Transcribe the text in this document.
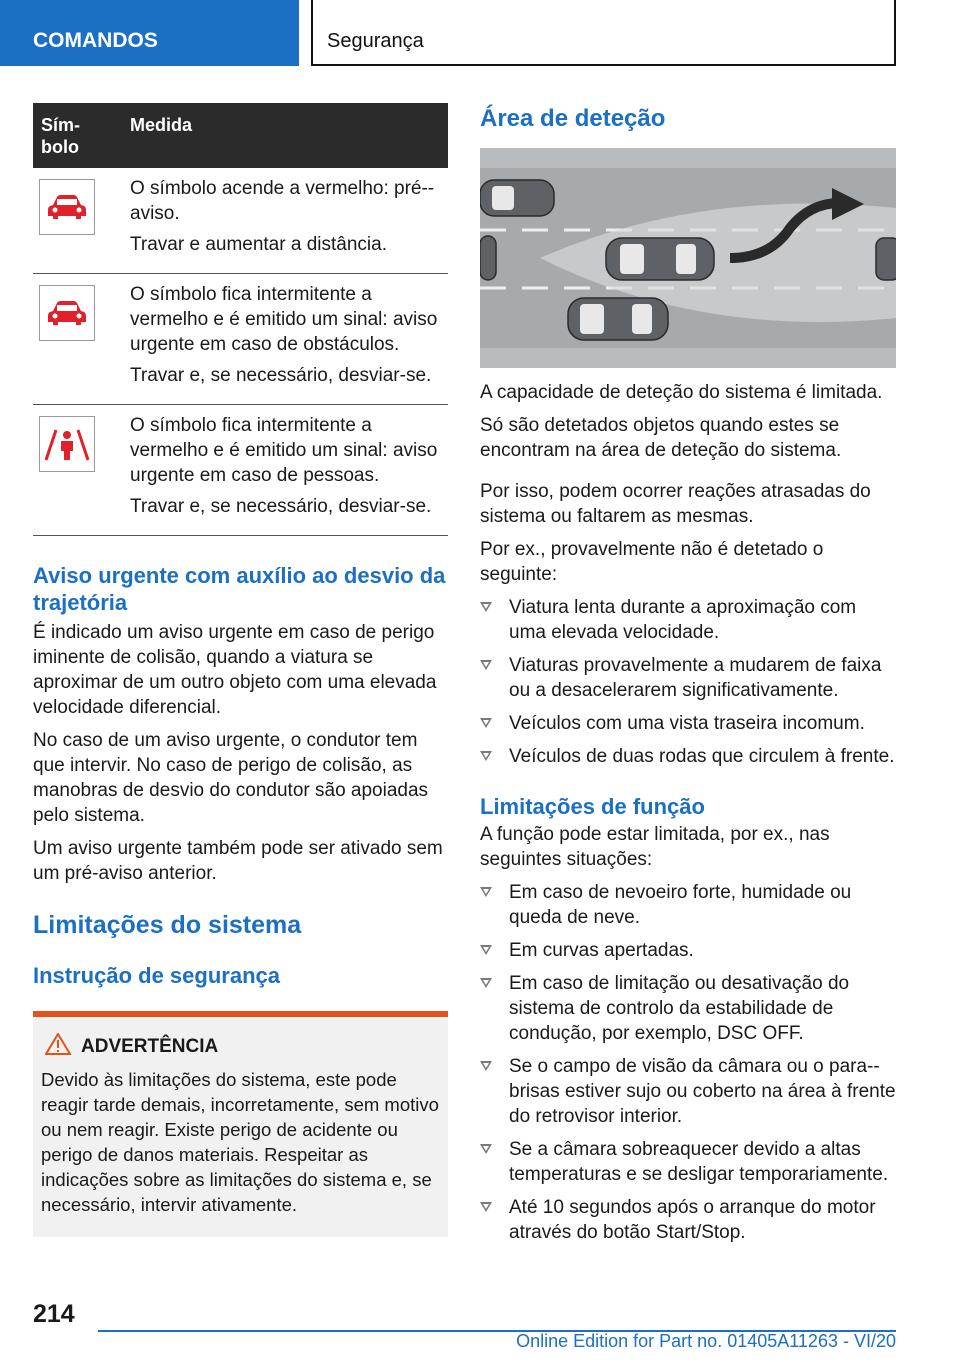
COMANDOS	Segurança
Sím-
bolo
Medida

O símbolo acende a vermelho: pré--aviso.

Travar e aumentar a distância.

O símbolo fica intermitente a vermelho e é emitido um sinal: aviso urgente em caso de obstáculos.

Travar e, se necessário, desviar-se.

O símbolo fica intermitente a vermelho e é emitido um sinal: aviso urgente em caso de pessoas.

Travar e, se necessário, desviar-se.

Aviso urgente com auxílio ao desvio da trajetória

É indicado um aviso urgente em caso de perigo iminente de colisão, quando a viatura se aproximar de um outro objeto com uma elevada velocidade diferencial.

No caso de um aviso urgente, o condutor tem que intervir. No caso de perigo de colisão, as manobras de desvio do condutor são apoiadas pelo sistema.

Um aviso urgente também pode ser ativado sem um pré-aviso anterior.

Limitações do sistema
Instrução de segurança
ADVERTÊNCIA

Devido às limitações do sistema, este pode reagir tarde demais, incorretamente, sem motivo ou nem reagir. Existe perigo de acidente ou perigo de danos materiais. Respeitar as indicações sobre as limitações do sistema e, se necessário, intervir ativamente.

Área de deteção

A capacidade de deteção do sistema é limitada.

Só são detetados objetos quando estes se encontram na área de deteção do sistema.

Por isso, podem ocorrer reações atrasadas do sistema ou faltarem as mesmas.

Por ex., provavelmente não é detetado o seguinte:

Viatura lenta durante a aproximação com uma elevada velocidade.
Viaturas provavelmente a mudarem de faixa ou a desacelerarem significativamente.
Veículos com uma vista traseira incomum.
Veículos de duas rodas que circulem à frente.
Limitações de função

A função pode estar limitada, por ex., nas seguintes situações:

Em caso de nevoeiro forte, humidade ou queda de neve.
Em curvas apertadas.
Em caso de limitação ou desativação do sistema de controlo da estabilidade de condução, por exemplo, DSC OFF.
Se o campo de visão da câmara ou o para--brisas estiver sujo ou coberto na área à frente do retrovisor interior.
Se a câmara sobreaquecer devido a altas temperaturas e se desligar temporariamente.
Até 10 segundos após o arranque do motor através do botão Start/Stop.
214
Online Edition for Part no. 01405A11263 - VI/20
